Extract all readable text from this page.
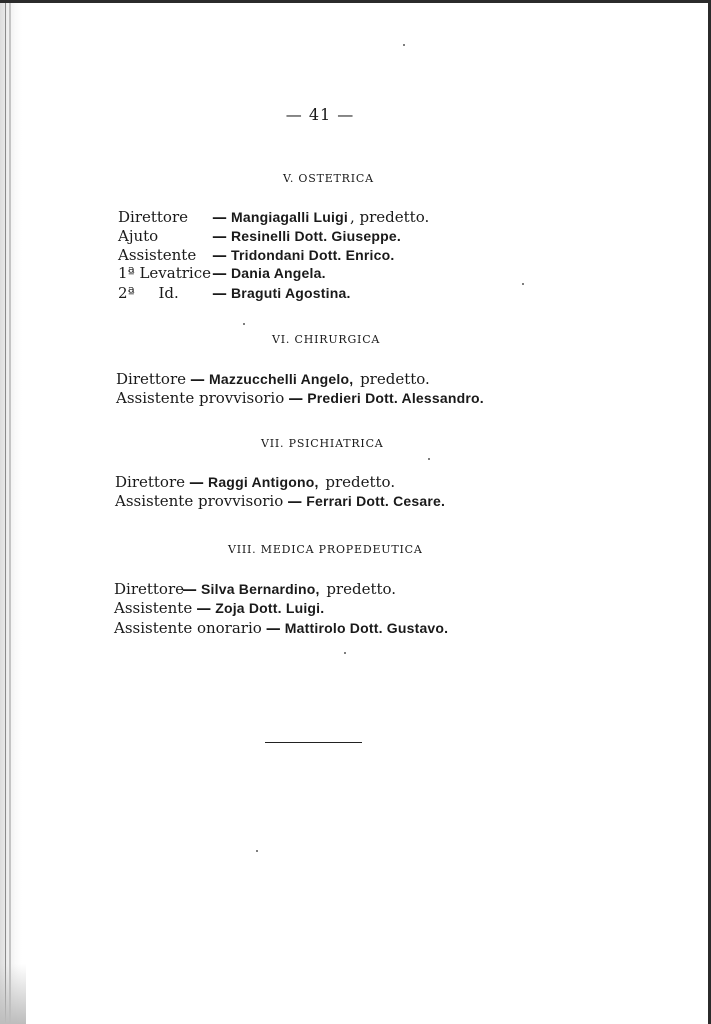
— 41 —
V. OSTETRICA
Direttore — Mangiagalli Luigi , predetto.
Ajuto	— Resinelli Dott. Giuseppe.
Assistente — Tridondani Dott. Enrico.
1ª Levatrice— Dania Angela.
2ª     Id. — Braguti Agostina.
VI. CHIRURGICA
Direttore — Mazzucchelli Angelo, predetto.
Assistente provvisorio — Predieri Dott. Alessandro.
VII. PSICHIATRICA
Direttore — Raggi Antigono, predetto.
Assistente provvisorio — Ferrari Dott. Cesare.
VIII. MEDICA PROPEDEUTICA
Direttore— Silva Bernardino, predetto.
Assistente — Zoja Dott. Luigi.
Assistente onorario — Mattirolo Dott. Gustavo.
